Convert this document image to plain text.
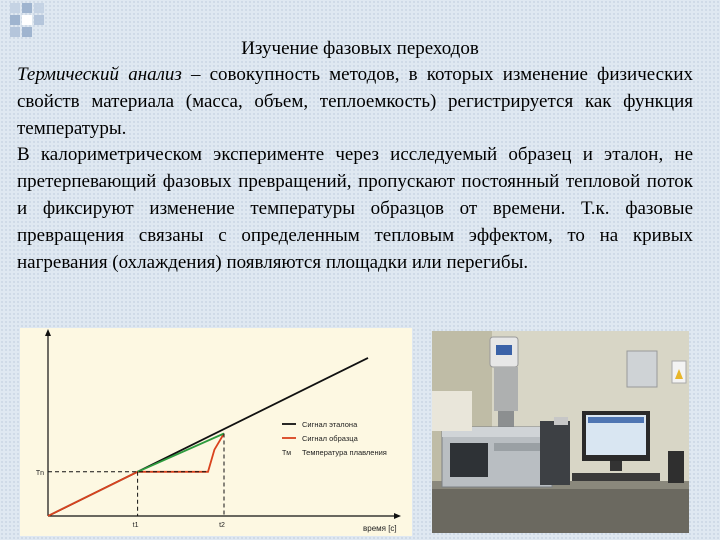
Изучение фазовых переходов

Термический анализ – совокупность методов, в которых изменение физических свойств материала (масса, объем, теплоемкость) регистрируется как функция температуры.

В калориметрическом эксперименте через исследуемый образец и эталон, не претерпевающий фазовых превращений, пропускают постоянный тепловой поток и фиксируют изменение температуры образцов от времени. Т.к. фазовые превращения связаны с определенным тепловым эффектом, то на кривых нагревания (охлаждения) появляются площадки или перегибы.

t1	t2
Tn
время [с]
Сигнал эталона
Сигнал образца
Tм Температура плавления
